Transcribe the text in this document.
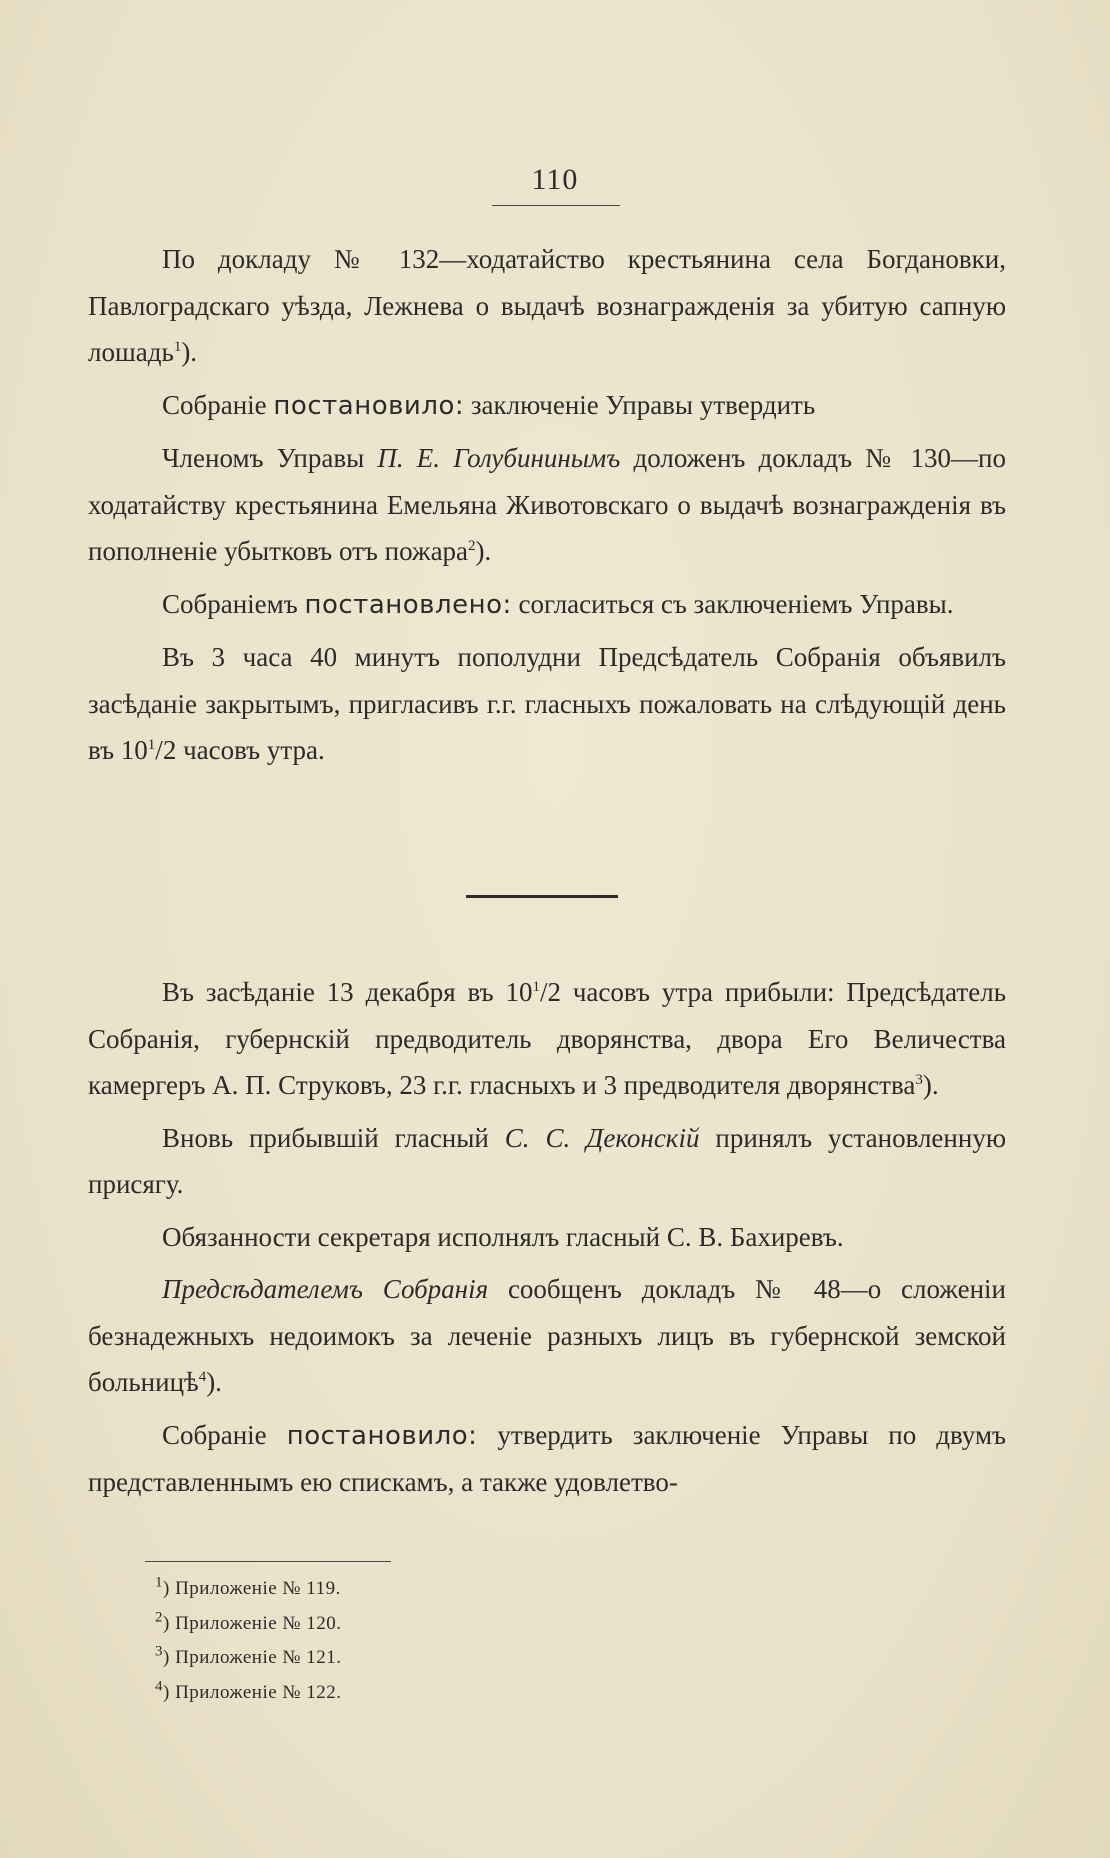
110

По докладу № 132—ходатайство крестьянина села Богдановки, Павлоградскаго уѣзда, Лежнева о выдачѣ вознагражденія за убитую сапную лошадь$^1$).

Собраніе постановило: заключеніе Управы утвердить

Членомъ Управы П. Е. Голубининымъ доложенъ докладъ № 130—по ходатайству крестьянина Емельяна Животовскаго о выдачѣ вознагражденія въ пополненіе убытковъ отъ пожара$^2$).

Собраніемъ постановлено: согласиться съ заключеніемъ Управы.

Въ 3 часа 40 минутъ пополудни Предсѣдатель Собранія объявилъ засѣданіе закрытымъ, пригласивъ г.г. гласныхъ пожаловать на слѣдующій день въ $10^1/2$ часовъ утра.

Въ засѣданіе 13 декабря въ $10^1/2$ часовъ утра прибыли: Предсѣдатель Собранія, губернскій предводитель дворянства, двора Его Величества камергеръ А. П. Струковъ, 23 г.г. гласныхъ и 3 предводителя дворянства$^3$).

Вновь прибывшій гласный С. С. Деконскій принялъ установленную присягу.

Обязанности секретаря исполнялъ гласный С. В. Бахиревъ.

Предсѣдателемъ Собранія сообщенъ докладъ № 48—о сложеніи безнадежныхъ недоимокъ за леченіе разныхъ лицъ въ губернской земской больницѣ$^4$).

Собраніе постановило: утвердить заключеніе Управы по двумъ представленнымъ ею спискамъ, а также удовлетво-

$^1$) Приложеніе № 119.
$^2$) Приложеніе № 120.
$^3$) Приложеніе № 121.
$^4$) Приложеніе № 122.
